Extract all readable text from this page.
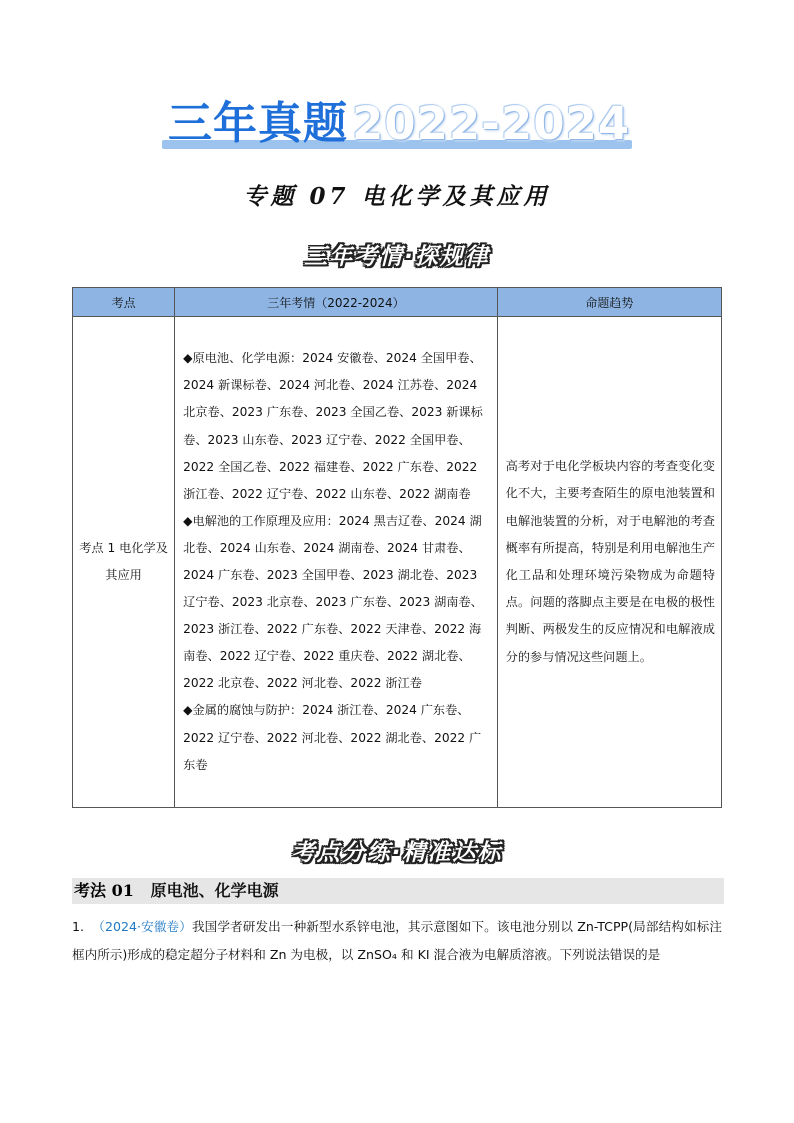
三年真题 2022-2024
专题 07 电化学及其应用
三年考情·探规律
考点	三年考情（2022-2024）	命题趋势
考点 1 电化学及其应用	◆原电池、化学电源：2024 安徽卷、2024 全国甲卷、2024 新课标卷、2024 河北卷、2024 江苏卷、2024 北京卷、2023 广东卷、2023 全国乙卷、2023 新课标卷、2023 山东卷、2023 辽宁卷、2022 全国甲卷、2022 全国乙卷、2022 福建卷、2022 广东卷、2022 浙江卷、2022 辽宁卷、2022 山东卷、2022 湖南卷
◆电解池的工作原理及应用：2024 黑吉辽卷、2024 湖北卷、2024 山东卷、2024 湖南卷、2024 甘肃卷、2024 广东卷、2023 全国甲卷、2023 湖北卷、2023 辽宁卷、2023 北京卷、2023 广东卷、2023 湖南卷、2023 浙江卷、2022 广东卷、2022 天津卷、2022 海南卷、2022 辽宁卷、2022 重庆卷、2022 湖北卷、2022 北京卷、2022 河北卷、2022 浙江卷
◆金属的腐蚀与防护：2024 浙江卷、2024 广东卷、2022 辽宁卷、2022 河北卷、2022 湖北卷、2022 广东卷	高考对于电化学板块内容的考查变化变化不大，主要考查陌生的原电池装置和电解池装置的分析，对于电解池的考查概率有所提高，特别是利用电解池生产化工品和处理环境污染物成为命题特点。问题的落脚点主要是在电极的极性判断、两极发生的反应情况和电解液成分的参与情况这些问题上。
考点分练·精准达标
考法 01 原电池、化学电源
1. （2024·安徽卷）我国学者研发出一种新型水系锌电池，其示意图如下。该电池分别以 Zn-TCPP(局部结构如标注框内所示)形成的稳定超分子材料和 Zn 为电极，以 ZnSO₄ 和 KI 混合液为电解质溶液。下列说法错误的是
